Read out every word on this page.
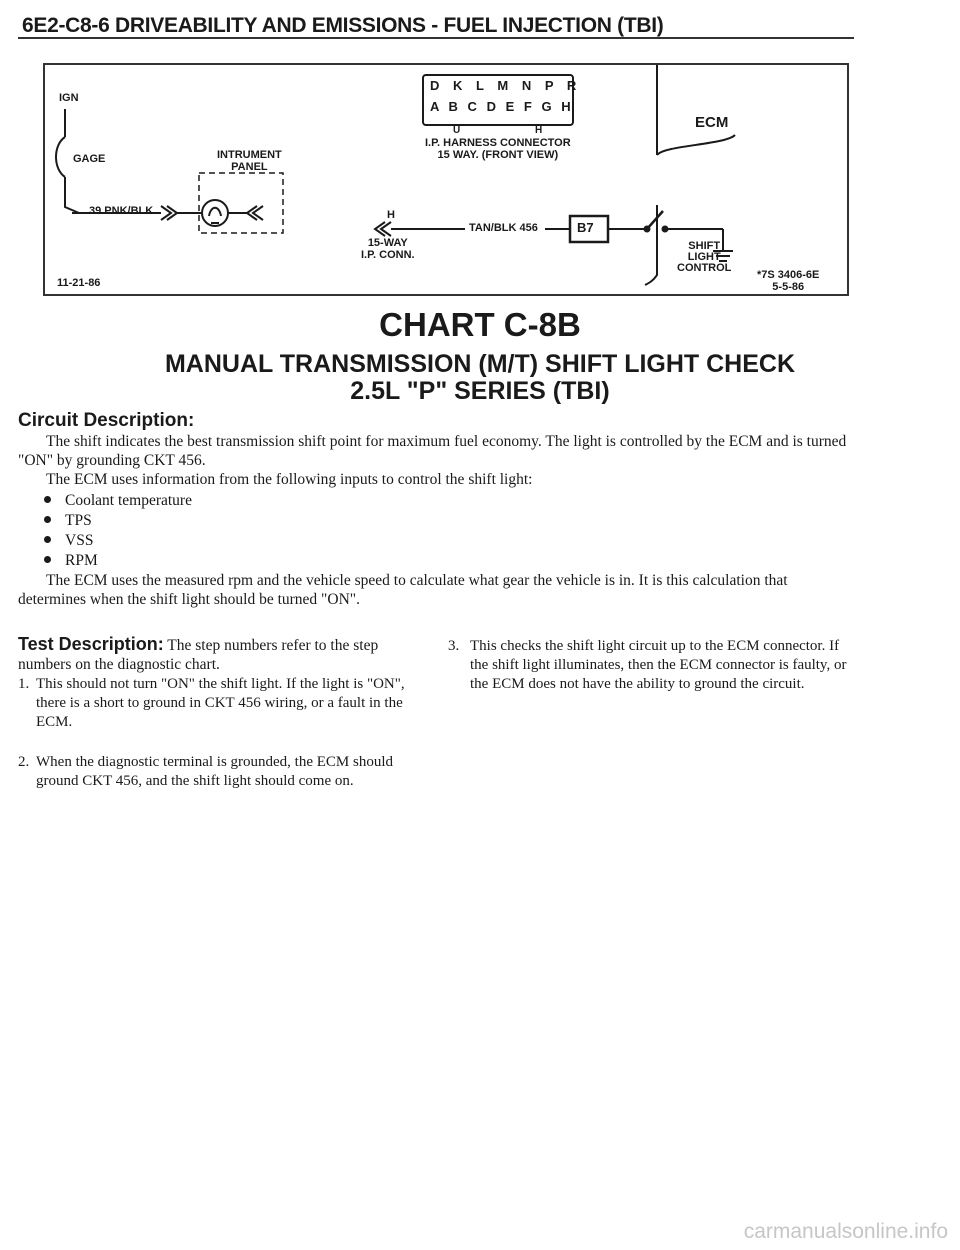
6E2-C8-6 DRIVEABILITY AND EMISSIONS - FUEL INJECTION (TBI)
D K L M N P R
A B C D E F G H
U	H
IGN
GAGE	INTRUMENT
PANEL
39 PNK/BLK
I.P. HARNESS CONNECTOR
15 WAY. (FRONT VIEW)
H
15-WAY
I.P. CONN.
TAN/BLK 456
ECM
B7
SHIFT
LIGHT
CONTROL
11-21-86
*7S 3406-6E
5-5-86
CHART C-8B
MANUAL TRANSMISSION (M/T) SHIFT LIGHT CHECK
2.5L "P" SERIES (TBI)
Circuit Description:
The shift indicates the best transmission shift point for maximum fuel economy. The light is controlled by the ECM and is turned "ON" by grounding CKT 456.
The ECM uses information from the following inputs to control the shift light:
Coolant temperature
TPS
VSS
RPM
The ECM uses the measured rpm and the vehicle speed to calculate what gear the vehicle is in. It is this calculation that determines when the shift light should be turned "ON".
Test Description: The step numbers refer to the step numbers on the diagnostic chart.
1. This should not turn "ON" the shift light. If the light is "ON", there is a short to ground in CKT 456 wiring, or a fault in the ECM.
2. When the diagnostic terminal is grounded, the ECM should ground CKT 456, and the shift light should come on.
3. This checks the shift light circuit up to the ECM connector. If the shift light illuminates, then the ECM connector is faulty, or the ECM does not have the ability to ground the circuit.
carmanualsonline.info
